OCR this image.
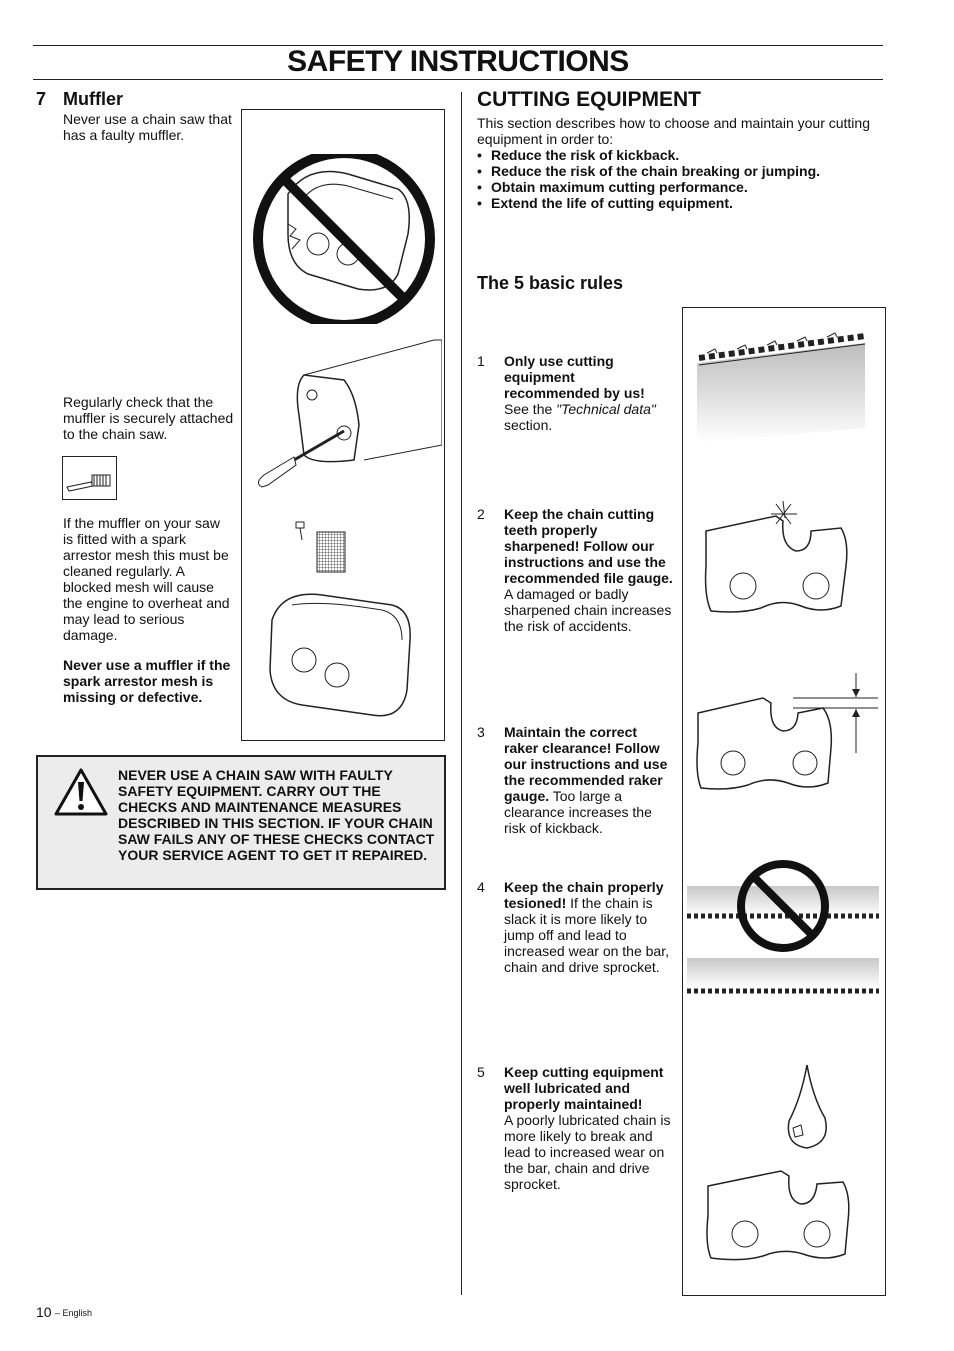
SAFETY INSTRUCTIONS
7 Muffler
Never use a chain saw that has a faulty muffler.
Regularly check that the muffler is securely attached to the chain saw.
If the muffler on your saw is fitted with a spark arrestor mesh this must be cleaned regularly. A blocked mesh will cause the engine to overheat and may lead to serious damage.
Never use a muffler if the spark arrestor mesh is missing or defective.
NEVER USE A CHAIN SAW WITH FAULTY SAFETY EQUIPMENT. CARRY OUT THE CHECKS AND MAINTENANCE MEASURES DESCRIBED IN THIS SECTION. IF YOUR CHAIN SAW FAILS ANY OF THESE CHECKS CONTACT YOUR SERVICE AGENT TO GET IT REPAIRED.
10 – English
CUTTING EQUIPMENT
This section describes how to choose and maintain your cutting equipment in order to:
• Reduce the risk of kickback.
• Reduce the risk of the chain breaking or jumping.
• Obtain maximum cutting performance.
• Extend the life of cutting equipment.
The 5 basic rules
1 Only use cutting equipment recommended by us!
See the "Technical data"
section.
2 Keep the chain cutting teeth properly sharpened! Follow our instructions and use the recommended file gauge. A damaged or badly sharpened chain increases the risk of accidents.
3 Maintain the correct raker clearance! Follow our instructions and use the recommended raker gauge. Too large a clearance increases the risk of kickback.
4 Keep the chain properly tesioned! If the chain is slack it is more likely to jump off and lead to increased wear on the bar, chain and drive sprocket.
5 Keep cutting equipment well lubricated and properly maintained!
A poorly lubricated chain is more likely to break and lead to increased wear on the bar, chain and drive sprocket.
